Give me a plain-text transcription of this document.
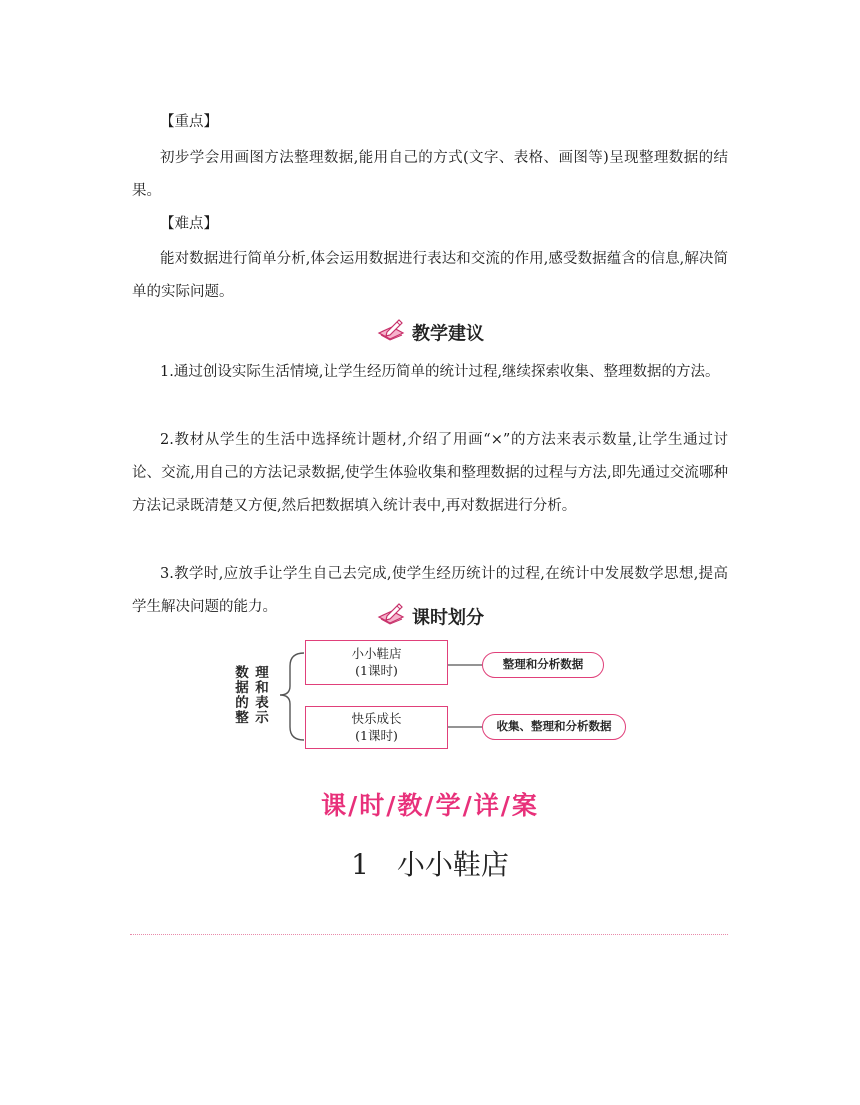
【重点】
初步学会用画图方法整理数据,能用自己的方式(文字、表格、画图等)呈现整理数据的结果。
【难点】
能对数据进行简单分析,体会运用数据进行表达和交流的作用,感受数据蕴含的信息,解决简单的实际问题。
教学建议
1.通过创设实际生活情境,让学生经历简单的统计过程,继续探索收集、整理数据的方法。
2.教材从学生的生活中选择统计题材,介绍了用画“×”的方法来表示数量,让学生通过讨论、交流,用自己的方法记录数据,使学生体验收集和整理数据的过程与方法,即先通过交流哪种方法记录既清楚又方便,然后把数据填入统计表中,再对数据进行分析。
3.教学时,应放手让学生自己去完成,使学生经历统计的过程,在统计中发展数学思想,提高学生解决问题的能力。
课时划分
数据的整
理和表示
小小鞋店
(1课时)	整理和分析数据
快乐成长
(1课时)
收集、整理和分析数据
课/时/教/学/详/案
1 小小鞋店
